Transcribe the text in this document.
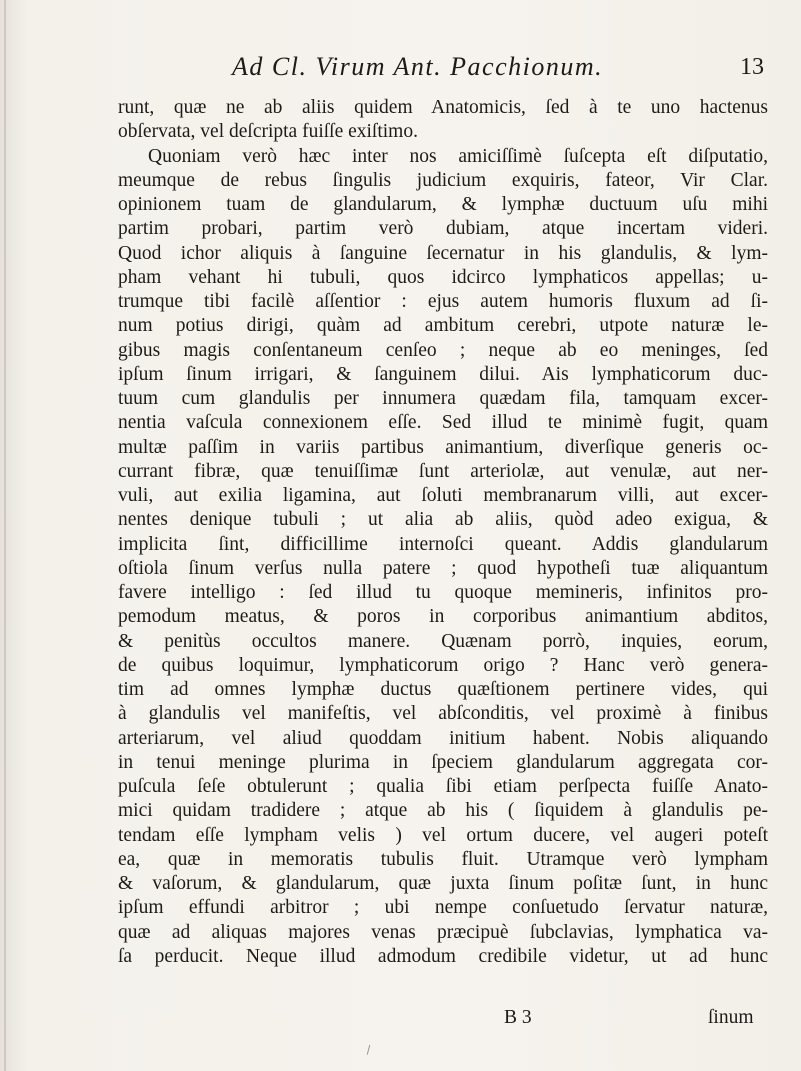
Ad Cl. Virum Ant. Pacchionum.	13
runt, quæ ne ab aliis quidem Anatomicis, ſed à te uno hactenus
obſervata, vel deſcripta fuiſſe exiſtimo.
Quoniam verò hæc inter nos amiciſſimè ſuſcepta eſt diſputatio,
meumque de rebus ſingulis judicium exquiris, fateor, Vir Clar.
opinionem tuam de glandularum, & lymphæ ductuum uſu mihi
partim probari, partim verò dubiam, atque incertam videri.
Quod ichor aliquis à ſanguine ſecernatur in his glandulis, & lym-
pham vehant hi tubuli, quos idcirco lymphaticos appellas; u-
trumque tibi facilè aſſentior : ejus autem humoris fluxum ad ſi-
num potius dirigi, quàm ad ambitum cerebri, utpote naturæ le-
gibus magis conſentaneum cenſeo ; neque ab eo meninges, ſed
ipſum ſinum irrigari, & ſanguinem dilui. Ais lymphaticorum duc-
tuum cum glandulis per innumera quædam fila, tamquam excer-
nentia vaſcula connexionem eſſe. Sed illud te minimè fugit, quam
multæ paſſim in variis partibus animantium, diverſique generis oc-
currant fibræ, quæ tenuiſſimæ ſunt arteriolæ, aut venulæ, aut ner-
vuli, aut exilia ligamina, aut ſoluti membranarum villi, aut excer-
nentes denique tubuli ; ut alia ab aliis, quòd adeo exigua, &
implicita ſint, difficillime internoſci queant. Addis glandularum
oſtiola ſinum verſus nulla patere ; quod hypotheſi tuæ aliquantum
favere intelligo : ſed illud tu quoque memineris, infinitos pro-
pemodum meatus, & poros in corporibus animantium abditos,
& penitùs occultos manere. Quænam porrò, inquies, eorum,
de quibus loquimur, lymphaticorum origo ? Hanc verò genera-
tim ad omnes lymphæ ductus quæſtionem pertinere vides, qui
à glandulis vel manifeſtis, vel abſconditis, vel proximè à finibus
arteriarum, vel aliud quoddam initium habent. Nobis aliquando
in tenui meninge plurima in ſpeciem glandularum aggregata cor-
puſcula ſeſe obtulerunt ; qualia ſibi etiam perſpecta fuiſſe Anato-
mici quidam tradidere ; atque ab his ( ſiquidem à glandulis pe-
tendam eſſe lympham velis ) vel ortum ducere, vel augeri poteſt
ea, quæ in memoratis tubulis fluit. Utramque verò lympham
& vaſorum, & glandularum, quæ juxta ſinum poſitæ ſunt, in hunc
ipſum effundi arbitror ; ubi nempe conſuetudo ſervatur naturæ,
quæ ad aliquas majores venas præcipuè ſubclavias, lymphatica va-
ſa perducit. Neque illud admodum credibile videtur, ut ad hunc
B 3	ſinum
